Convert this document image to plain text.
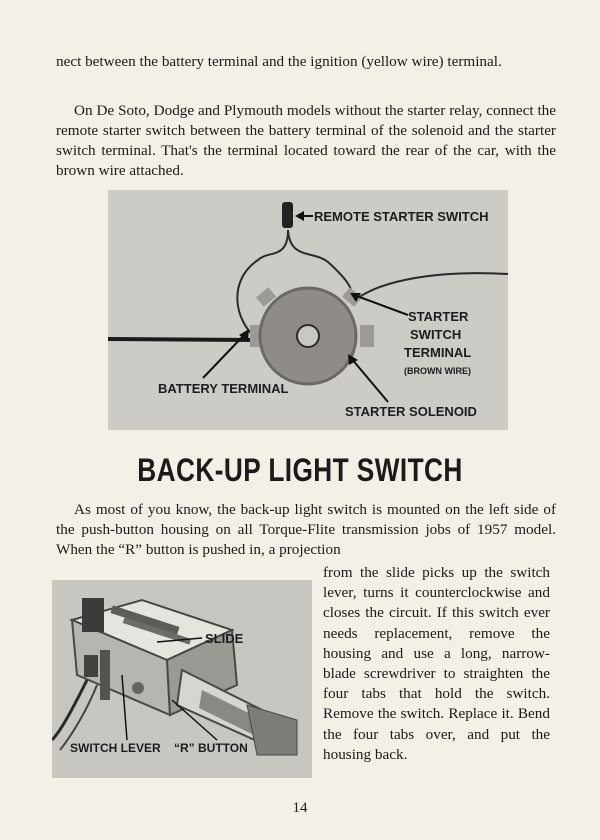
nect between the battery terminal and the ignition (yellow wire) terminal.

On De Soto, Dodge and Plymouth models without the starter relay, connect the remote starter switch between the battery terminal of the solenoid and the starter switch terminal. That's the terminal located toward the rear of the car, with the brown wire attached.

REMOTE STARTER SWITCH
STARTER
SWITCH
TERMINAL
(BROWN WIRE)
BATTERY TERMINAL
STARTER SOLENOID
BACK-UP LIGHT SWITCH

As most of you know, the back-up light switch is mounted on the left side of the push-button housing on all Torque-Flite transmission jobs of 1957 model. When the “R” button is pushed in, a projection

SLIDE
SWITCH LEVER “R” BUTTON

from the slide picks up the switch lever, turns it counterclockwise and closes the circuit. If this switch ever needs replacement, remove the housing and use a long, narrow-blade screwdriver to straighten the four tabs that hold the switch. Remove the switch. Replace it. Bend the four tabs over, and put the housing back.

14
